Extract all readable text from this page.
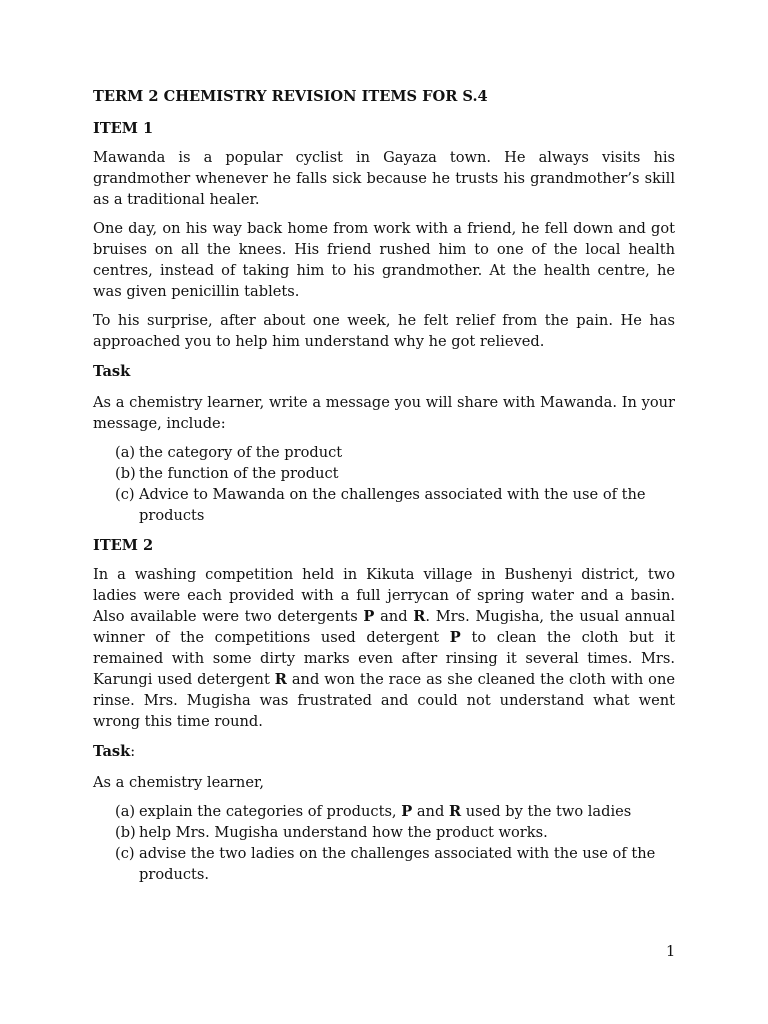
TERM 2 CHEMISTRY REVISION ITEMS FOR S.4
ITEM 1

Mawanda is a popular cyclist in Gayaza town. He always visits his grandmother whenever he falls sick because he trusts his grandmother’s skill as a traditional healer.

One day, on his way back home from work with a friend, he fell down and got bruises on all the knees. His friend rushed him to one of the local health centres, instead of taking him to his grandmother. At the health centre, he was given penicillin tablets.

To his surprise, after about one week, he felt relief from the pain. He has approached you to help him understand why he got relieved.

Task

As a chemistry learner, write a message you will share with Mawanda. In your message, include:

(a) the category of the product
(b) the function of the product
(c) Advice to Mawanda on the challenges associated with the use of the products
ITEM 2

In a washing competition held in Kikuta village in Bushenyi district, two ladies were each provided with a full jerrycan of spring water and a basin. Also available were two detergents P and R. Mrs. Mugisha, the usual annual winner of the competitions used detergent P to clean the cloth but it remained with some dirty marks even after rinsing it several times. Mrs. Karungi used detergent R and won the race as she cleaned the cloth with one rinse. Mrs. Mugisha was frustrated and could not understand what went wrong this time round.

Task:

As a chemistry learner,

(a) explain the categories of products, P and R used by the two ladies
(b) help Mrs. Mugisha understand how the product works.
(c) advise the two ladies on the challenges associated with the use of the products.
1
